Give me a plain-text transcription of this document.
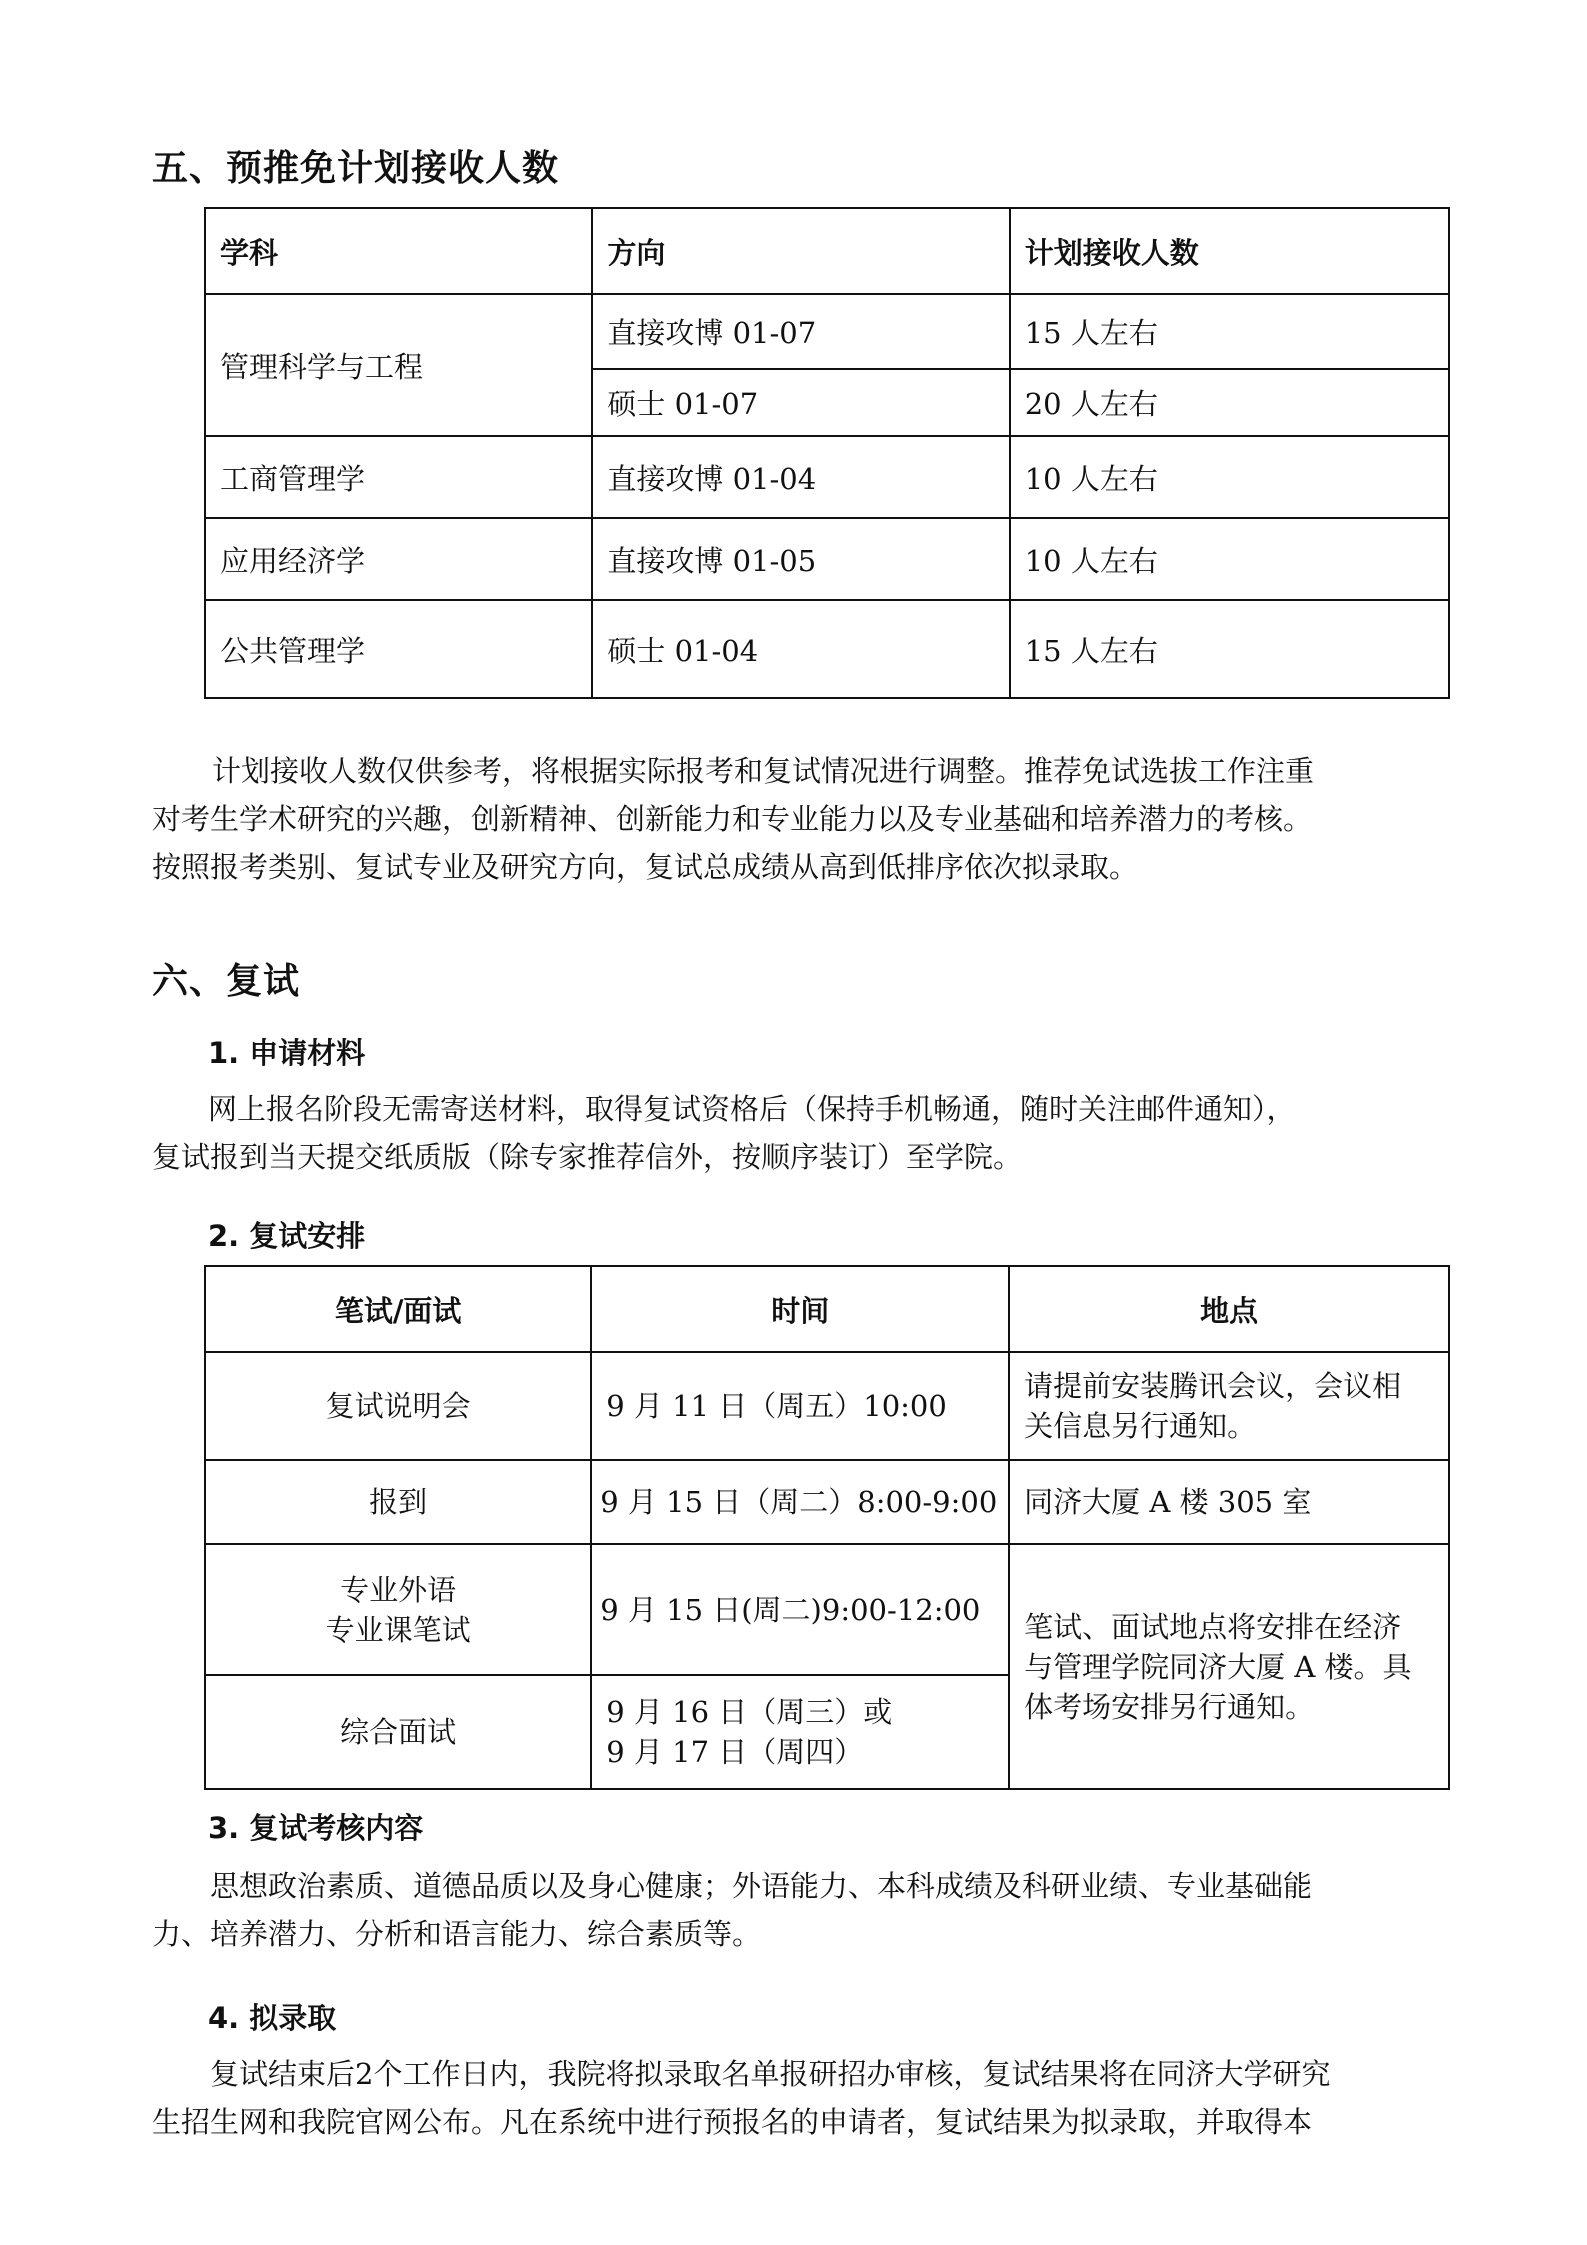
五、预推免计划接收人数
学科	方向	计划接收人数
管理科学与工程	直接攻博 01-07	15 人左右
	硕士 01-07	20 人左右
工商管理学	直接攻博 01-04	10 人左右
应用经济学	直接攻博 01-05	10 人左右
公共管理学	硕士 01-04	15 人左右
计划接收人数仅供参考，将根据实际报考和复试情况进行调整。推荐免试选拔工作注重
对考生学术研究的兴趣，创新精神、创新能力和专业能力以及专业基础和培养潜力的考核。
按照报考类别、复试专业及研究方向，复试总成绩从高到低排序依次拟录取。
六、复试
1. 申请材料
网上报名阶段无需寄送材料，取得复试资格后（保持手机畅通，随时关注邮件通知），
复试报到当天提交纸质版（除专家推荐信外，按顺序装订）至学院。
2. 复试安排
笔试/面试	时间	地点

复试说明会	9 月 11 日（周五）10:00	请提前安装腾讯会议，会议相
关信息另行通知。

报到	9 月 15 日（周二）8:00-9:00	同济大厦 A 楼 305 室

专业外语
专业课笔试	9 月 15 日(周二)9:00-12:00	笔试、面试地点将安排在经济
与管理学院同济大厦 A 楼。具
体考场安排另行通知。

综合面试	9 月 16 日（周三）或
9 月 17 日（周四）	
3. 复试考核内容
思想政治素质、道德品质以及身心健康；外语能力、本科成绩及科研业绩、专业基础能
力、培养潜力、分析和语言能力、综合素质等。
4. 拟录取
复试结束后2个工作日内，我院将拟录取名单报研招办审核，复试结果将在同济大学研究
生招生网和我院官网公布。凡在系统中进行预报名的申请者，复试结果为拟录取，并取得本
